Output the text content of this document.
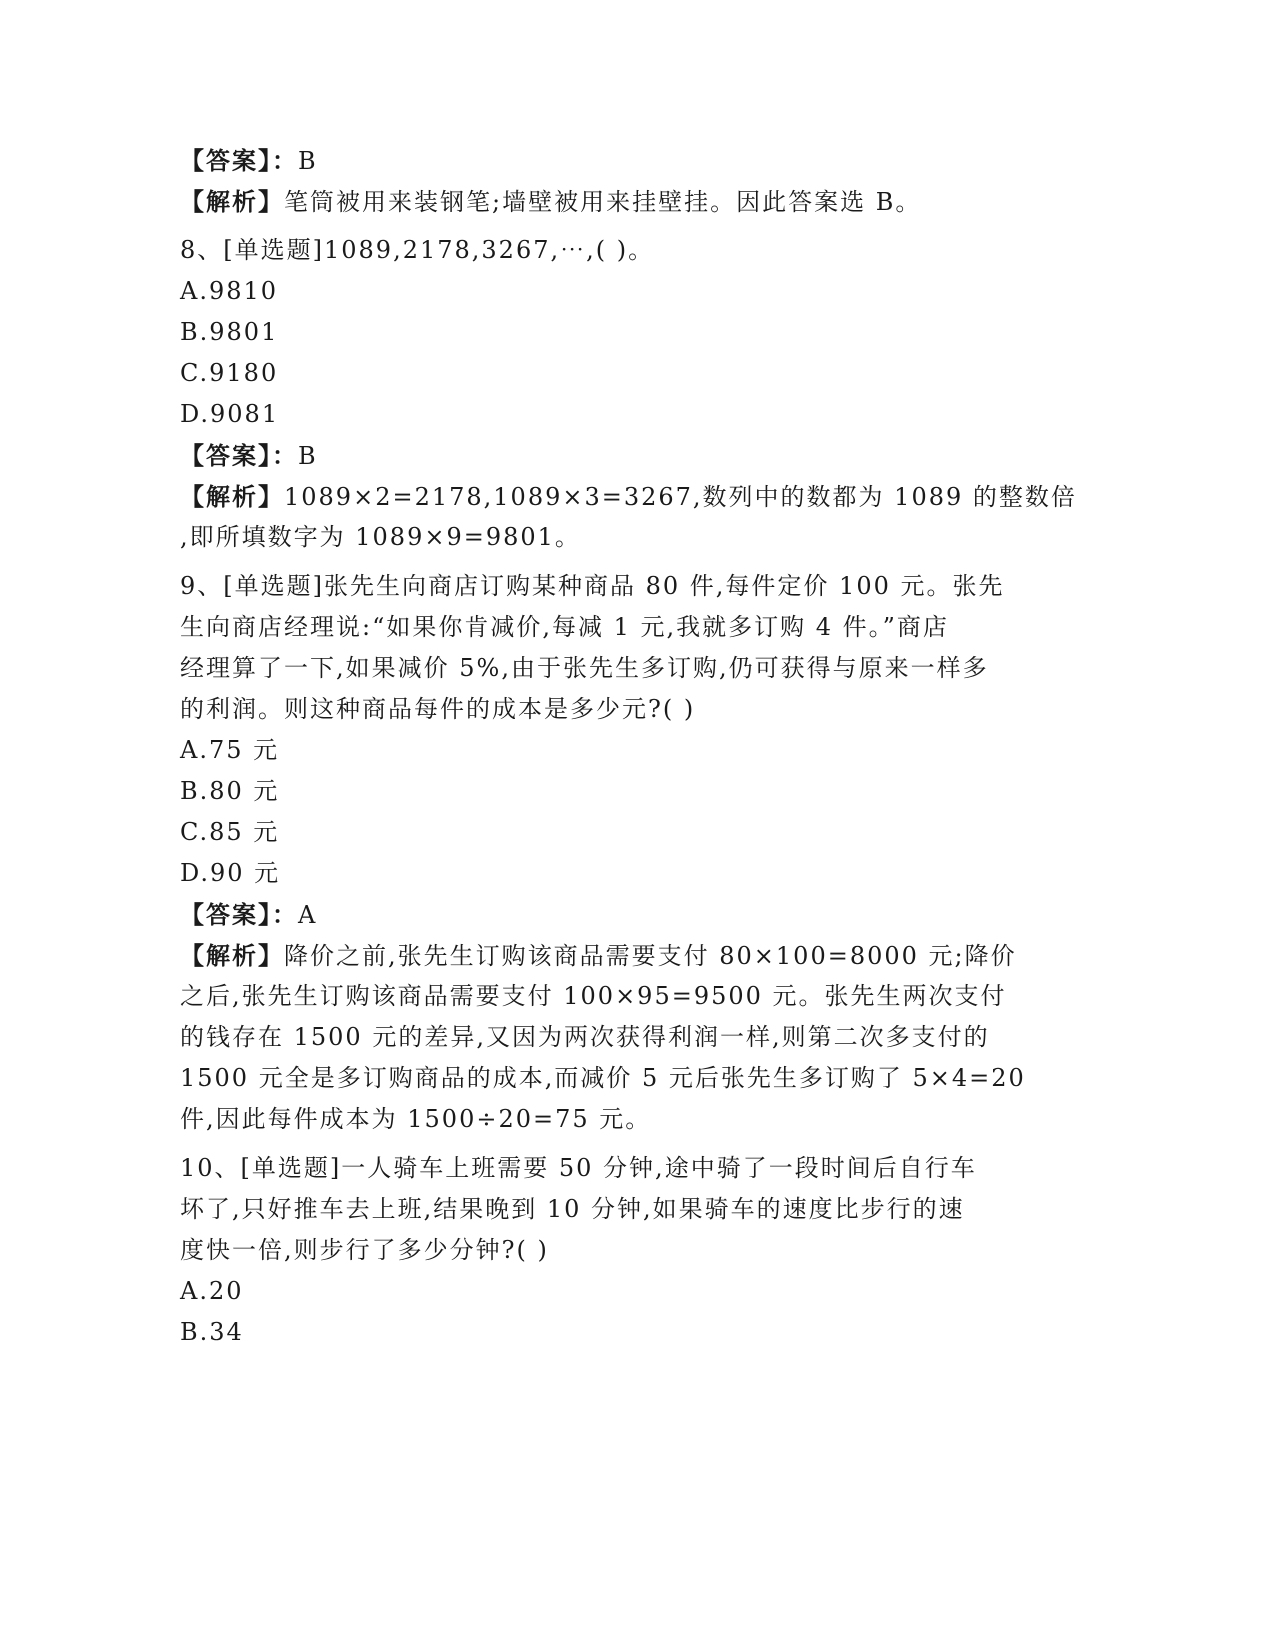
【答案】：B
【解析】笔筒被用来装钢笔;墙壁被用来挂壁挂。因此答案选 B。
8、[单选题]1089,2178,3267,⋯,( )。
A.9810
B.9801
C.9180
D.9081
【答案】：B
【解析】1089×2=2178,1089×3=3267,数列中的数都为 1089 的整数倍
,即所填数字为 1089×9=9801。
9、[单选题]张先生向商店订购某种商品 80 件,每件定价 100 元。张先
生向商店经理说:“如果你肯减价,每减 1 元,我就多订购 4 件。”商店
经理算了一下,如果减价 5%,由于张先生多订购,仍可获得与原来一样多
的利润。则这种商品每件的成本是多少元?( )
A.75 元
B.80 元
C.85 元
D.90 元
【答案】：A
【解析】降价之前,张先生订购该商品需要支付 80×100=8000 元;降价
之后,张先生订购该商品需要支付 100×95=9500 元。张先生两次支付
的钱存在 1500 元的差异,又因为两次获得利润一样,则第二次多支付的
1500 元全是多订购商品的成本,而减价 5 元后张先生多订购了 5×4=20
件,因此每件成本为 1500÷20=75 元。
10、[单选题]一人骑车上班需要 50 分钟,途中骑了一段时间后自行车
坏了,只好推车去上班,结果晚到 10 分钟,如果骑车的速度比步行的速
度快一倍,则步行了多少分钟?( )
A.20
B.34
